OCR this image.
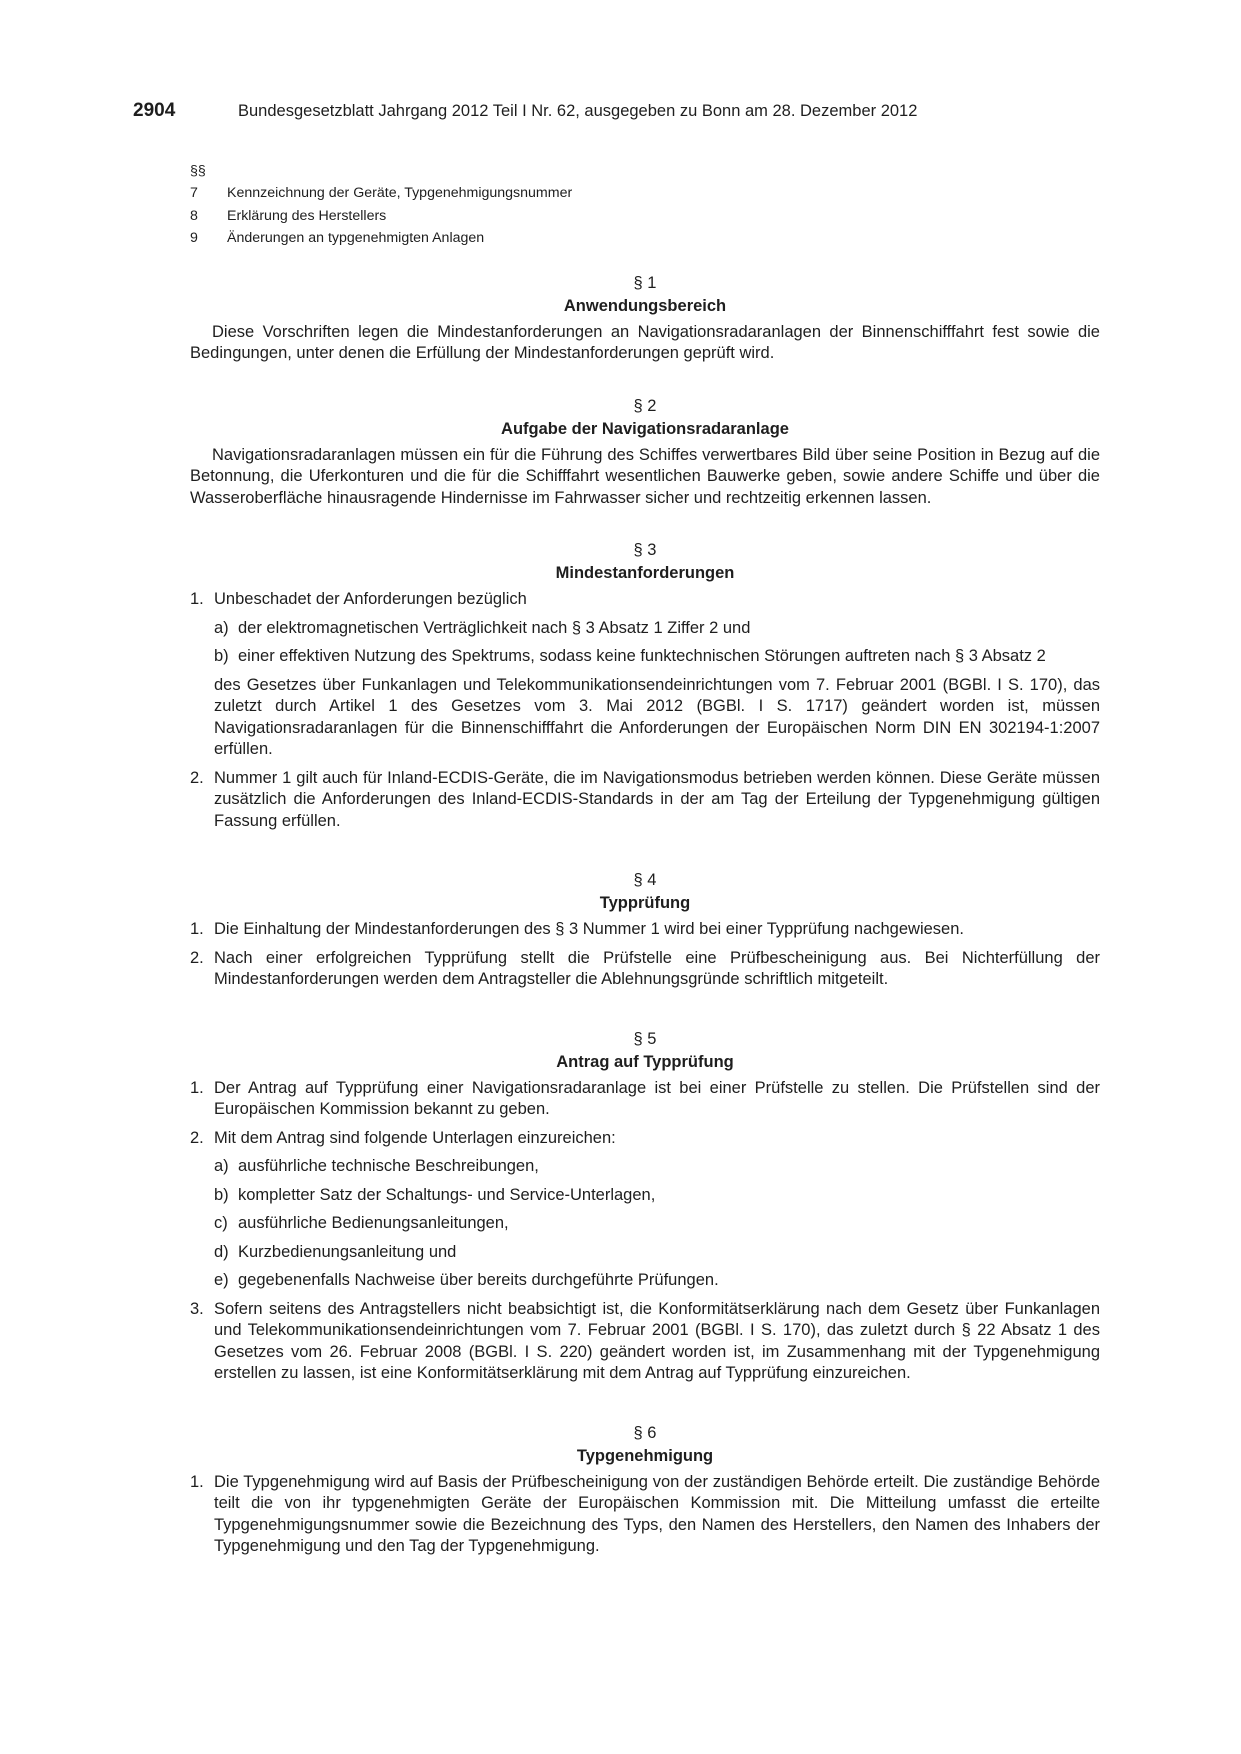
2904	Bundesgesetzblatt Jahrgang 2012 Teil I Nr. 62, ausgegeben zu Bonn am 28. Dezember 2012
§§
7	Kennzeichnung der Geräte, Typgenehmigungsnummer
8	Erklärung des Herstellers
9	Änderungen an typgenehmigten Anlagen
§ 1
Anwendungsbereich

Diese Vorschriften legen die Mindestanforderungen an Navigationsradaranlagen der Binnenschifffahrt fest sowie die Bedingungen, unter denen die Erfüllung der Mindestanforderungen geprüft wird.

§ 2
Aufgabe der Navigationsradaranlage

Navigationsradaranlagen müssen ein für die Führung des Schiffes verwertbares Bild über seine Position in Bezug auf die Betonnung, die Uferkonturen und die für die Schifffahrt wesentlichen Bauwerke geben, sowie andere Schiffe und über die Wasseroberfläche hinausragende Hindernisse im Fahrwasser sicher und rechtzeitig erkennen lassen.

§ 3
Mindestanforderungen
1. Unbeschadet der Anforderungen bezüglich

a) der elektromagnetischen Verträglichkeit nach § 3 Absatz 1 Ziffer 2 und
b) einer effektiven Nutzung des Spektrums, sodass keine funktechnischen Störungen auftreten nach § 3 Absatz 2

des Gesetzes über Funkanlagen und Telekommunikationsendeinrichtungen vom 7. Februar 2001 (BGBl. I S. 170), das zuletzt durch Artikel 1 des Gesetzes vom 3. Mai 2012 (BGBl. I S. 1717) geändert worden ist, müssen Navigationsradaranlagen für die Binnenschifffahrt die Anforderungen der Europäischen Norm DIN EN 302194-1:2007 erfüllen.

2. Nummer 1 gilt auch für Inland-ECDIS-Geräte, die im Navigationsmodus betrieben werden können. Diese Geräte müssen zusätzlich die Anforderungen des Inland-ECDIS-Standards in der am Tag der Erteilung der Typgenehmigung gültigen Fassung erfüllen.

§ 4
Typprüfung
1. Die Einhaltung der Mindestanforderungen des § 3 Nummer 1 wird bei einer Typprüfung nachgewiesen.

2. Nach einer erfolgreichen Typprüfung stellt die Prüfstelle eine Prüfbescheinigung aus. Bei Nichterfüllung der Mindestanforderungen werden dem Antragsteller die Ablehnungsgründe schriftlich mitgeteilt.

§ 5
Antrag auf Typprüfung
1. Der Antrag auf Typprüfung einer Navigationsradaranlage ist bei einer Prüfstelle zu stellen. Die Prüfstellen sind der Europäischen Kommission bekannt zu geben.

2. Mit dem Antrag sind folgende Unterlagen einzureichen:

a) ausführliche technische Beschreibungen,
b) kompletter Satz der Schaltungs- und Service-Unterlagen,
c) ausführliche Bedienungsanleitungen,
d) Kurzbedienungsanleitung und
e) gegebenenfalls Nachweise über bereits durchgeführte Prüfungen.
3. Sofern seitens des Antragstellers nicht beabsichtigt ist, die Konformitätserklärung nach dem Gesetz über Funkanlagen und Telekommunikationsendeinrichtungen vom 7. Februar 2001 (BGBl. I S. 170), das zuletzt durch § 22 Absatz 1 des Gesetzes vom 26. Februar 2008 (BGBl. I S. 220) geändert worden ist, im Zusammenhang mit der Typgenehmigung erstellen zu lassen, ist eine Konformitätserklärung mit dem Antrag auf Typprüfung einzureichen.

§ 6
Typgenehmigung
1. Die Typgenehmigung wird auf Basis der Prüfbescheinigung von der zuständigen Behörde erteilt. Die zuständige Behörde teilt die von ihr typgenehmigten Geräte der Europäischen Kommission mit. Die Mitteilung umfasst die erteilte Typgenehmigungsnummer sowie die Bezeichnung des Typs, den Namen des Herstellers, den Namen des Inhabers der Typgenehmigung und den Tag der Typgenehmigung.
